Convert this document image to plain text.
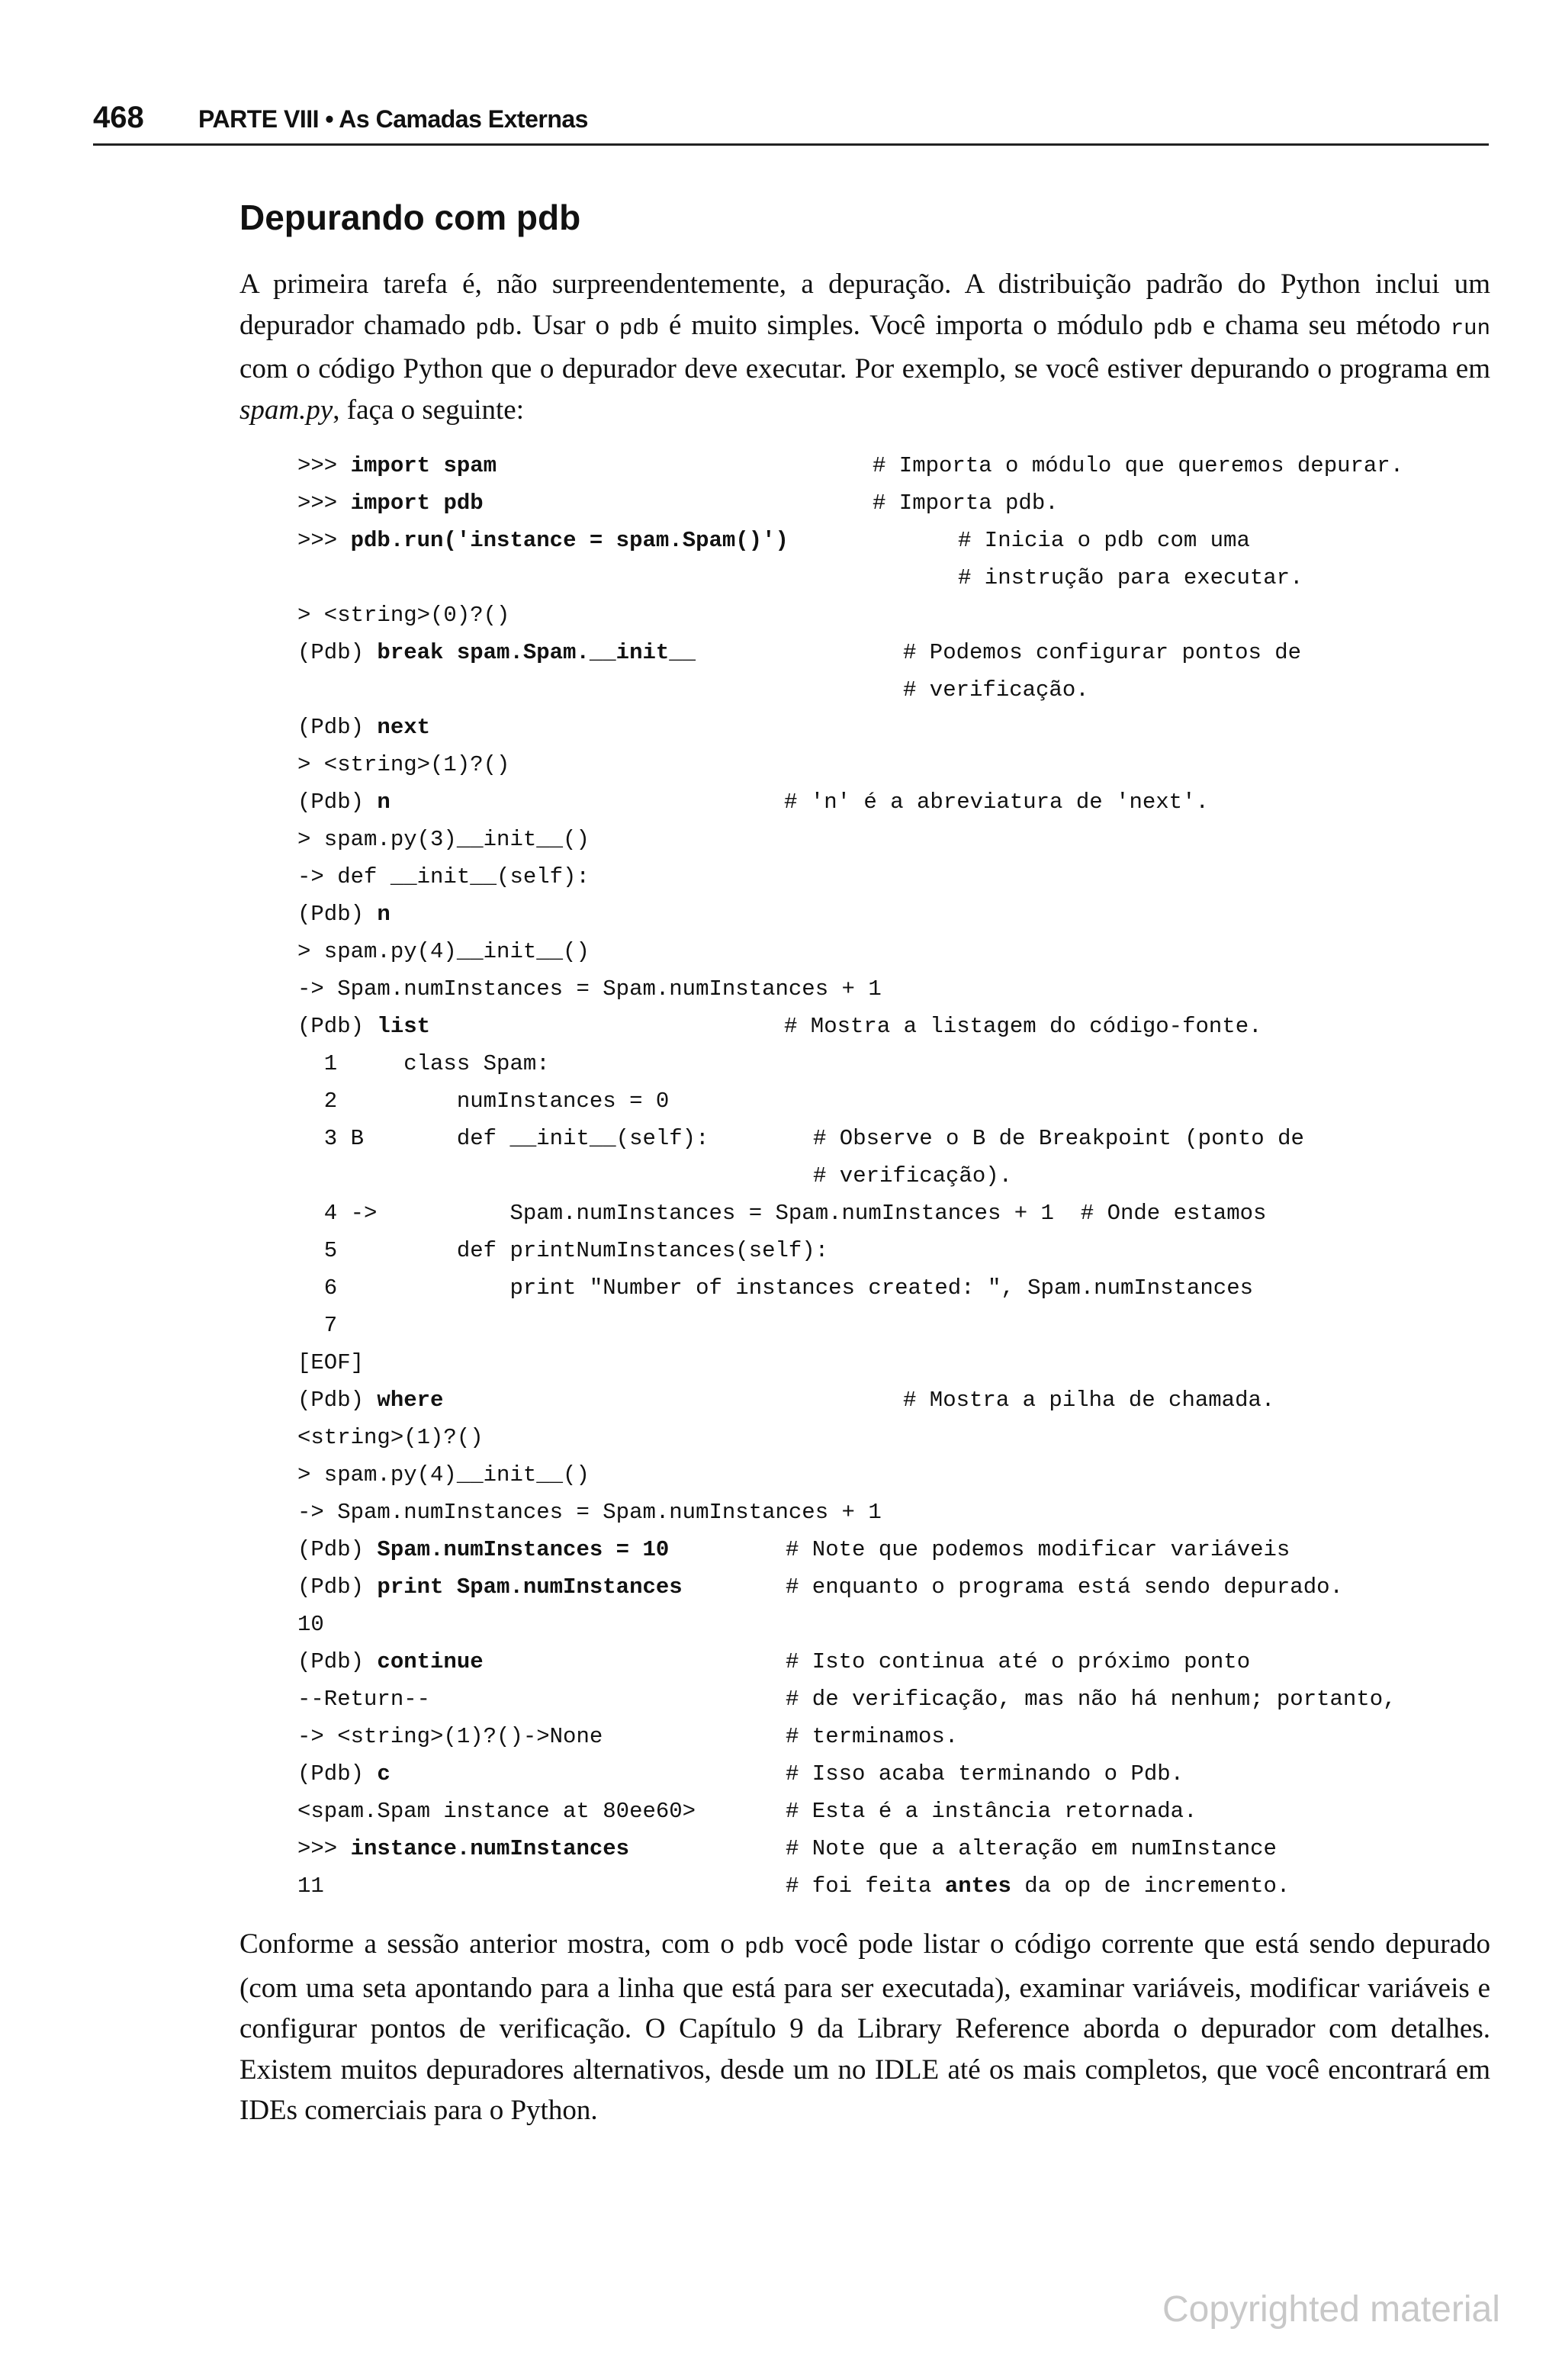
468 PARTE VIII • As Camadas Externas
Depurando com pdb
A primeira tarefa é, não surpreendentemente, a depuração. A distribuição padrão do Python inclui um depurador chamado pdb. Usar o pdb é muito simples. Você importa o módulo pdb e chama seu método run com o código Python que o depurador deve executar. Por exemplo, se você estiver depurando o programa em spam.py, faça o seguinte:
>>> import spam	# Importa o módulo que queremos depurar.
>>> import pdb	# Importa pdb.
>>> pdb.run('instance = spam.Spam()')	# Inicia o pdb com uma
# instrução para executar.
> <string>(0)?()
(Pdb) break spam.Spam.__init__	# Podemos configurar pontos de
# verificação.
(Pdb) next
> <string>(1)?()
(Pdb) n	# 'n' é a abreviatura de 'next'.
> spam.py(3)__init__()
-> def __init__(self):
(Pdb) n
> spam.py(4)__init__()
-> Spam.numInstances = Spam.numInstances + 1
(Pdb) list	# Mostra a listagem do código-fonte.
1     class Spam:
2         numInstances = 0
3 B       def __init__(self):	# Observe o B de Breakpoint (ponto de
# verificação).
4 ->          Spam.numInstances = Spam.numInstances + 1  # Onde estamos
5         def printNumInstances(self):
6             print "Number of instances created: ", Spam.numInstances
7
[EOF]
(Pdb) where	# Mostra a pilha de chamada.
<string>(1)?()
> spam.py(4)__init__()
-> Spam.numInstances = Spam.numInstances + 1
(Pdb) Spam.numInstances = 10	# Note que podemos modificar variáveis
(Pdb) print Spam.numInstances	# enquanto o programa está sendo depurado.
10
(Pdb) continue	# Isto continua até o próximo ponto
--Return--	# de verificação, mas não há nenhum; portanto,
-> <string>(1)?()->None	# terminamos.
(Pdb) c	# Isso acaba terminando o Pdb.
<spam.Spam instance at 80ee60>	# Esta é a instância retornada.
>>> instance.numInstances	# Note que a alteração em numInstance
11	# foi feita antes da op de incremento.
Conforme a sessão anterior mostra, com o pdb você pode listar o código corrente que está sendo depurado (com uma seta apontando para a linha que está para ser executada), examinar variáveis, modificar variáveis e configurar pontos de verificação. O Capítulo 9 da Library Reference aborda o depurador com detalhes. Existem muitos depuradores alternativos, desde um no IDLE até os mais completos, que você encontrará em IDEs comerciais para o Python.
Copyrighted material
